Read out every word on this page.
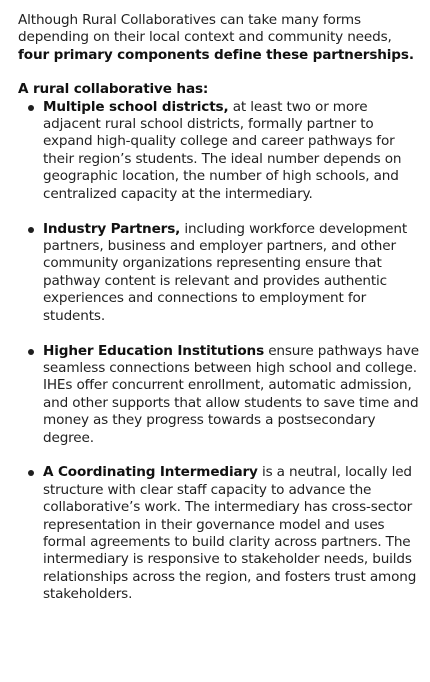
Although Rural Collaboratives can take many forms depending on their local context and community needs, four primary components define these partnerships.

A rural collaborative has:

Multiple school districts, at least two or more adjacent rural school districts, formally partner to expand high-quality college and career pathways for their region’s students. The ideal number depends on geographic location, the number of high schools, and centralized capacity at the intermediary.
Industry Partners, including workforce development partners, business and employer partners, and other community organizations representing ensure that pathway content is relevant and provides authentic experiences and connections to employment for students.
Higher Education Institutions ensure pathways have seamless connections between high school and college. IHEs offer concurrent enrollment, automatic admission, and other supports that allow students to save time and money as they progress towards a postsecondary degree.
A Coordinating Intermediary is a neutral, locally led structure with clear staff capacity to advance the collaborative’s work. The intermediary has cross-sector representation in their governance model and uses formal agreements to build clarity across partners. The intermediary is responsive to stakeholder needs, builds relationships across the region, and fosters trust among stakeholders.
